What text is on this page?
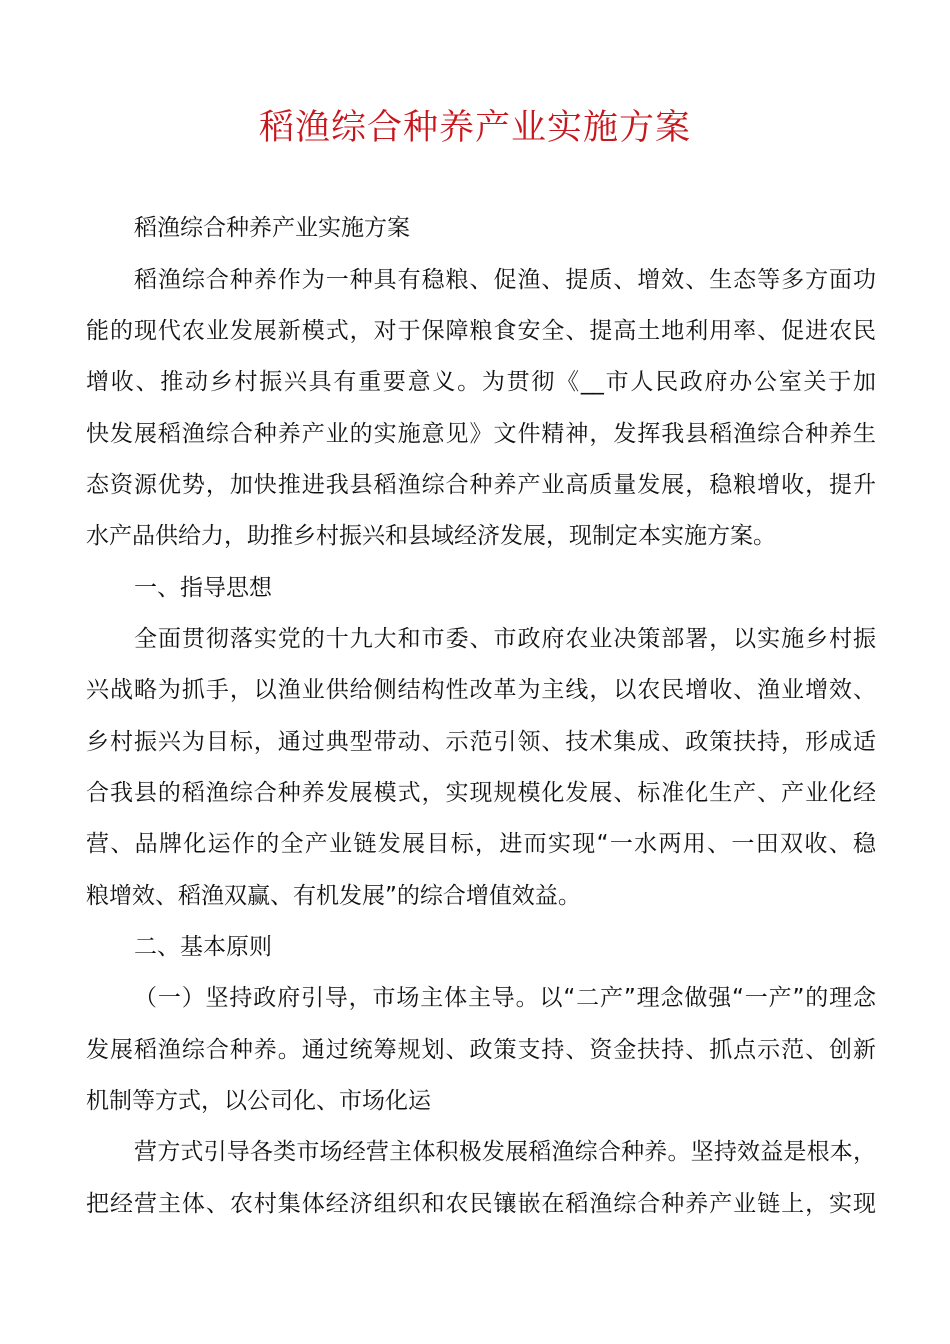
稻渔综合种养产业实施方案
稻渔综合种养产业实施方案
稻渔综合种养作为一种具有稳粮、促渔、提质、增效、生态等多方面功
能的现代农业发展新模式，对于保障粮食安全、提高土地利用率、促进农民
增收、推动乡村振兴具有重要意义。为贯彻《__市人民政府办公室关于加
快发展稻渔综合种养产业的实施意见》文件精神，发挥我县稻渔综合种养生
态资源优势，加快推进我县稻渔综合种养产业高质量发展，稳粮增收，提升
水产品供给力，助推乡村振兴和县域经济发展，现制定本实施方案。
一、指导思想
全面贯彻落实党的十九大和市委、市政府农业决策部署，以实施乡村振
兴战略为抓手，以渔业供给侧结构性改革为主线，以农民增收、渔业增效、
乡村振兴为目标，通过典型带动、示范引领、技术集成、政策扶持，形成适
合我县的稻渔综合种养发展模式，实现规模化发展、标准化生产、产业化经
营、品牌化运作的全产业链发展目标，进而实现“一水两用、一田双收、稳
粮增效、稻渔双赢、有机发展”的综合增值效益。
二、基本原则
（一）坚持政府引导，市场主体主导。以“二产”理念做强“一产”的理念
发展稻渔综合种养。通过统筹规划、政策支持、资金扶持、抓点示范、创新
机制等方式，以公司化、市场化运
营方式引导各类市场经营主体积极发展稻渔综合种养。坚持效益是根本，
把经营主体、农村集体经济组织和农民镶嵌在稻渔综合种养产业链上，实现
